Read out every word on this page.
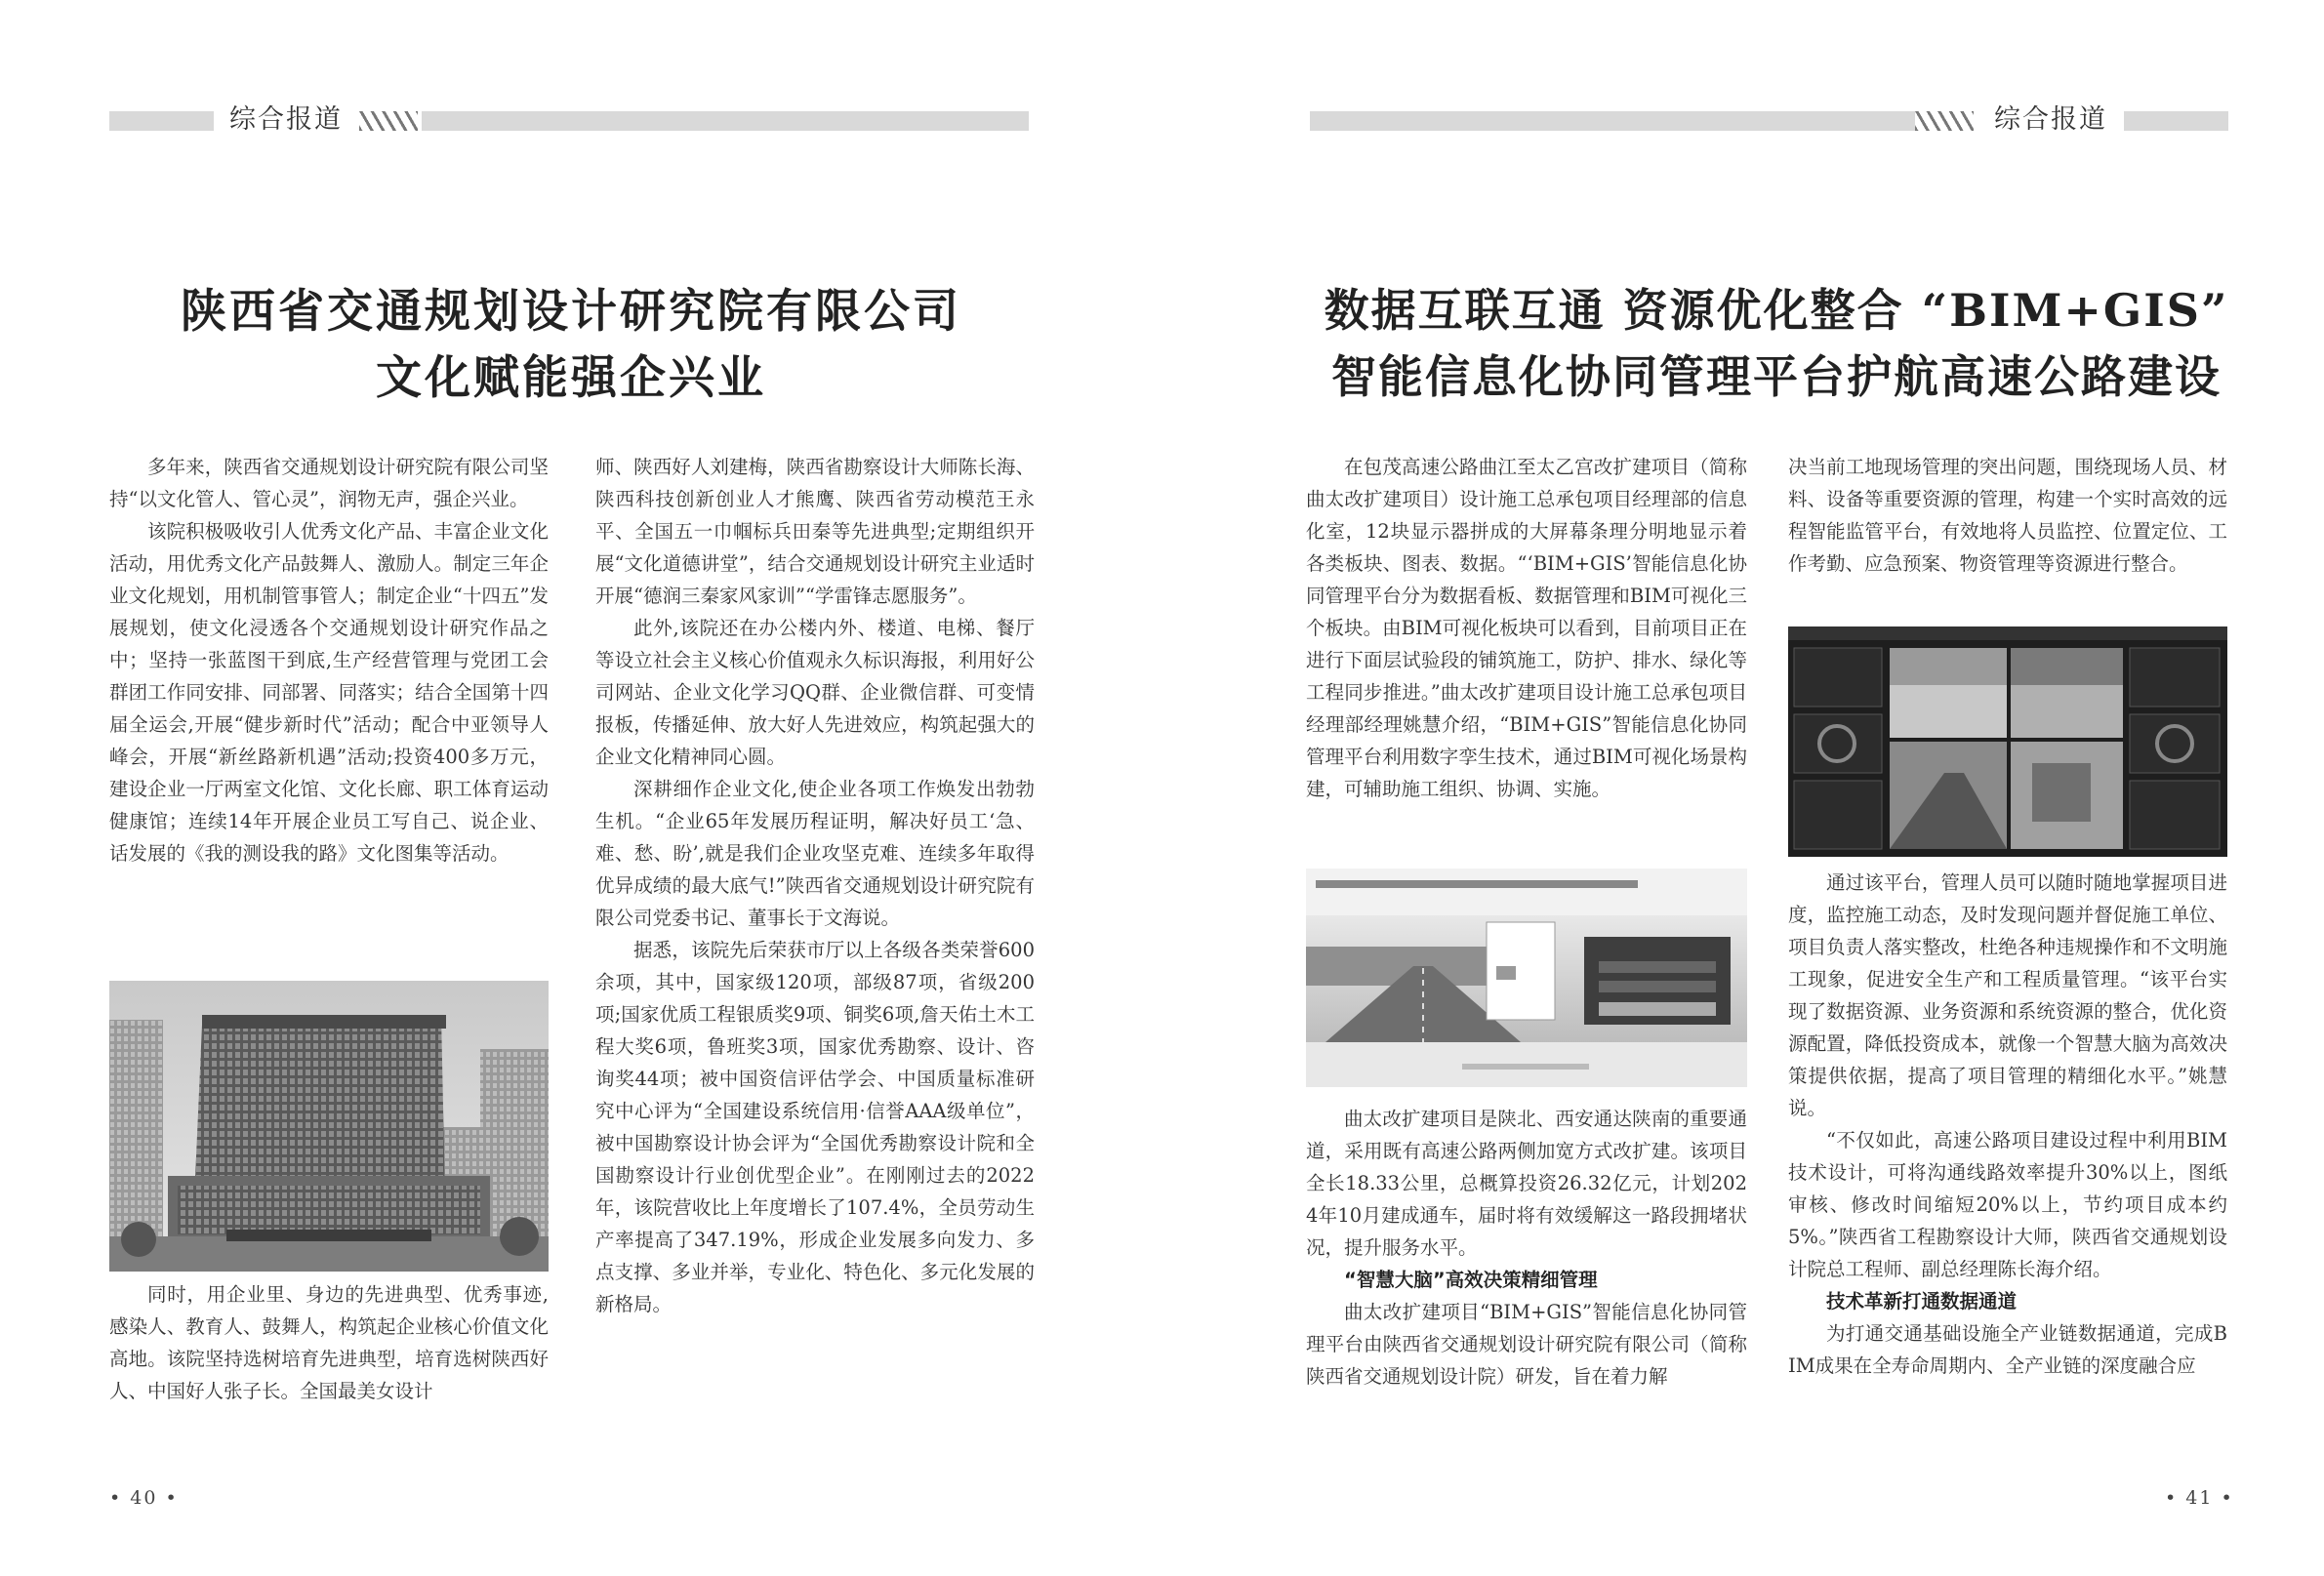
综合报道	综合报道
陕西省交通规划设计研究院有限公司
文化赋能强企兴业
数据互联互通 资源优化整合 “BIM+GIS”
智能信息化协同管理平台护航高速公路建设

多年来，陕西省交通规划设计研究院有限公司坚持“以文化管人、管心灵”，润物无声，强企兴业。

该院积极吸收引人优秀文化产品、丰富企业文化活动，用优秀文化产品鼓舞人、激励人。制定三年企业文化规划，用机制管事管人；制定企业“十四五”发展规划，使文化浸透各个交通规划设计研究作品之中；坚持一张蓝图干到底,生产经营管理与党团工会群团工作同安排、同部署、同落实；结合全国第十四届全运会,开展“健步新时代”活动；配合中亚领导人峰会，开展“新丝路新机遇”活动;投资400多万元，建设企业一厅两室文化馆、文化长廊、职工体育运动健康馆；连续14年开展企业员工写自己、说企业、话发展的《我的测设我的路》文化图集等活动。

同时，用企业里、身边的先进典型、优秀事迹,感染人、教育人、鼓舞人，构筑起企业核心价值文化高地。该院坚持选树培育先进典型，培育选树陕西好人、中国好人张子长。全国最美女设计

师、陕西好人刘建梅，陕西省勘察设计大师陈长海、陕西科技创新创业人才熊鹰、陕西省劳动模范王永平、全国五一巾帼标兵田秦等先进典型;定期组织开展“文化道德讲堂”，结合交通规划设计研究主业适时开展“德润三秦家风家训”“学雷锋志愿服务”。

此外,该院还在办公楼内外、楼道、电梯、餐厅等设立社会主义核心价值观永久标识海报，利用好公司网站、企业文化学习QQ群、企业微信群、可变情报板，传播延伸、放大好人先进效应，构筑起强大的企业文化精神同心圆。

深耕细作企业文化,使企业各项工作焕发出勃勃生机。“企业65年发展历程证明，解决好员工‘急、难、愁、盼’,就是我们企业攻坚克难、连续多年取得优异成绩的最大底气!”陕西省交通规划设计研究院有限公司党委书记、董事长于文海说。

据悉，该院先后荣获市厅以上各级各类荣誉600余项，其中，国家级120项，部级87项，省级200项;国家优质工程银质奖9项、铜奖6项,詹天佑土木工程大奖6项，鲁班奖3项，国家优秀勘察、设计、咨询奖44项；被中国资信评估学会、中国质量标准研究中心评为“全国建设系统信用·信誉AAA级单位”，被中国勘察设计协会评为“全国优秀勘察设计院和全国勘察设计行业创优型企业”。在刚刚过去的2022年，该院营收比上年度增长了107.4%，全员劳动生产率提高了347.19%，形成企业发展多向发力、多点支撑、多业并举，专业化、特色化、多元化发展的新格局。

在包茂高速公路曲江至太乙宫改扩建项目（简称曲太改扩建项目）设计施工总承包项目经理部的信息化室，12块显示器拼成的大屏幕条理分明地显示着各类板块、图表、数据。“‘BIM+GIS’智能信息化协同管理平台分为数据看板、数据管理和BIM可视化三个板块。由BIM可视化板块可以看到，目前项目正在进行下面层试验段的铺筑施工，防护、排水、绿化等工程同步推进。”曲太改扩建项目设计施工总承包项目经理部经理姚慧介绍，“BIM+GIS”智能信息化协同管理平台利用数字孪生技术，通过BIM可视化场景构建，可辅助施工组织、协调、实施。

曲太改扩建项目是陕北、西安通达陕南的重要通道，采用既有高速公路两侧加宽方式改扩建。该项目全长18.33公里，总概算投资26.32亿元，计划2024年10月建成通车，届时将有效缓解这一路段拥堵状况，提升服务水平。

“智慧大脑”高效决策精细管理

曲太改扩建项目“BIM+GIS”智能信息化协同管理平台由陕西省交通规划设计研究院有限公司（简称陕西省交通规划设计院）研发，旨在着力解

决当前工地现场管理的突出问题，围绕现场人员、材料、设备等重要资源的管理，构建一个实时高效的远程智能监管平台，有效地将人员监控、位置定位、工作考勤、应急预案、物资管理等资源进行整合。

通过该平台，管理人员可以随时随地掌握项目进度，监控施工动态，及时发现问题并督促施工单位、项目负责人落实整改，杜绝各种违规操作和不文明施工现象，促进安全生产和工程质量管理。“该平台实现了数据资源、业务资源和系统资源的整合，优化资源配置，降低投资成本，就像一个智慧大脑为高效决策提供依据，提高了项目管理的精细化水平。”姚慧说。

“不仅如此，高速公路项目建设过程中利用BIM技术设计，可将沟通线路效率提升30%以上，图纸审核、修改时间缩短20%以上，节约项目成本约5%。”陕西省工程勘察设计大师，陕西省交通规划设计院总工程师、副总经理陈长海介绍。

技术革新打通数据通道

为打通交通基础设施全产业链数据通道，完成BIM成果在全寿命周期内、全产业链的深度融合应

• 40 •	• 41 •
